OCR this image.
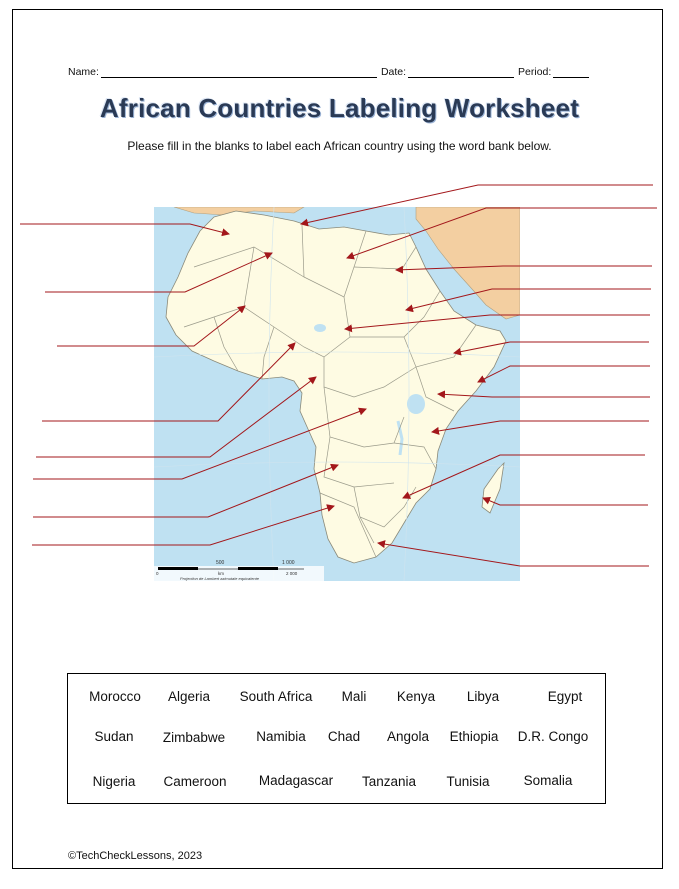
Name:	Date:	Period:
African Countries Labeling Worksheet
Please fill in the blanks to label each African country using the word bank below.
500	1 000
0	km	2 000
Projection de Lambert azimutale equivalente
Morocco Algeria South Africa Mali Kenya Libya	Egypt
Sudan Zimbabwe Namibia Chad Angola Ethiopia D.R. Congo
Nigeria Cameroon Madagascar Tanzania Tunisia	Somalia
©TechCheckLessons, 2023
